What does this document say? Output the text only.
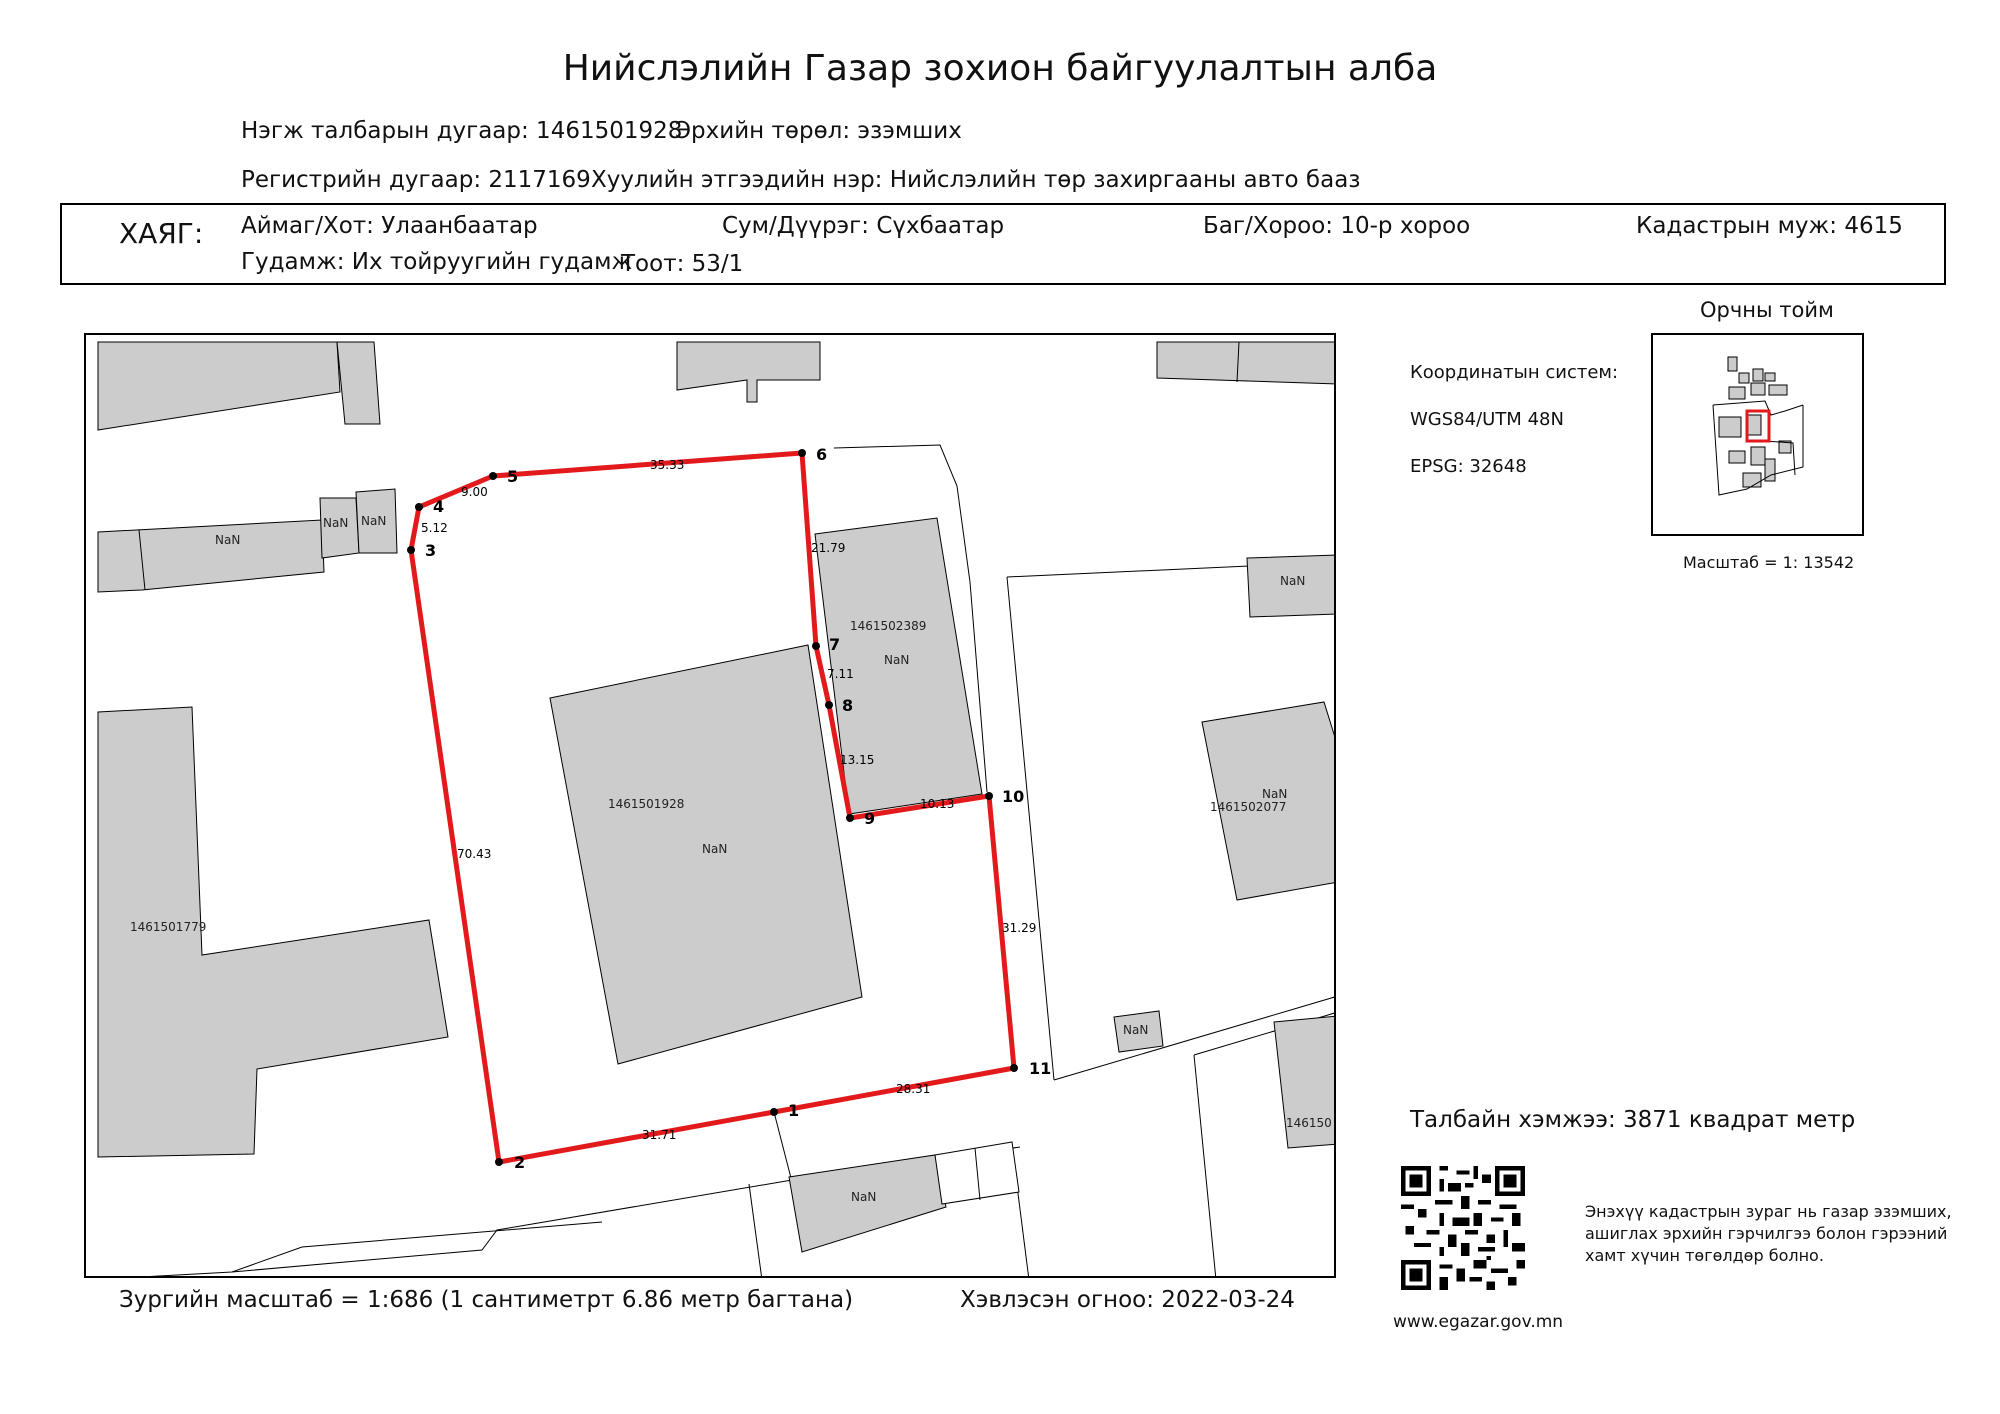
Нийслэлийн Газар зохион байгуулалтын алба
Нэгж талбарын дугаар: 1461501928
Эрхийн төрөл: эзэмших
Регистрийн дугаар: 2117169 Хуулийн этгээдийн нэр: Нийслэлийн төр захиргааны авто бааз
ХАЯГ: Аймаг/Хот: Улаанбаатар	Сум/Дүүрэг: Сүхбаатар	Баг/Хороо: 10-р хороо	Кадастрын муж: 4615
Гудамж: Их тойруугийн гудамж
Тоот: 53/1
1
2
3
4
5
6
7
8
9
10
11
31.71
70.43
5.12
9.00
35.33
21.79
7.11
13.15
10.13
31.29
28.31
NaN
NaN NaN
1461501928
NaN
1461502389
NaN
1461501779
NaN
NaN
1461502077
NaN
146150
NaN
Орчны тойм
Масштаб = 1: 13542
Координатын систем:
WGS84/UTM 48N
EPSG: 32648
Талбайн хэмжээ: 3871 квадрат метр
Энэхүү кадастрын зураг нь газар эзэмших,
ашиглах эрхийн гэрчилгээ болон гэрээний
хамт хүчин төгөлдөр болно.
www.egazar.gov.mn
Зургийн масштаб = 1:686 (1 сантиметрт 6.86 метр багтана)	Хэвлэсэн огноо: 2022-03-24
